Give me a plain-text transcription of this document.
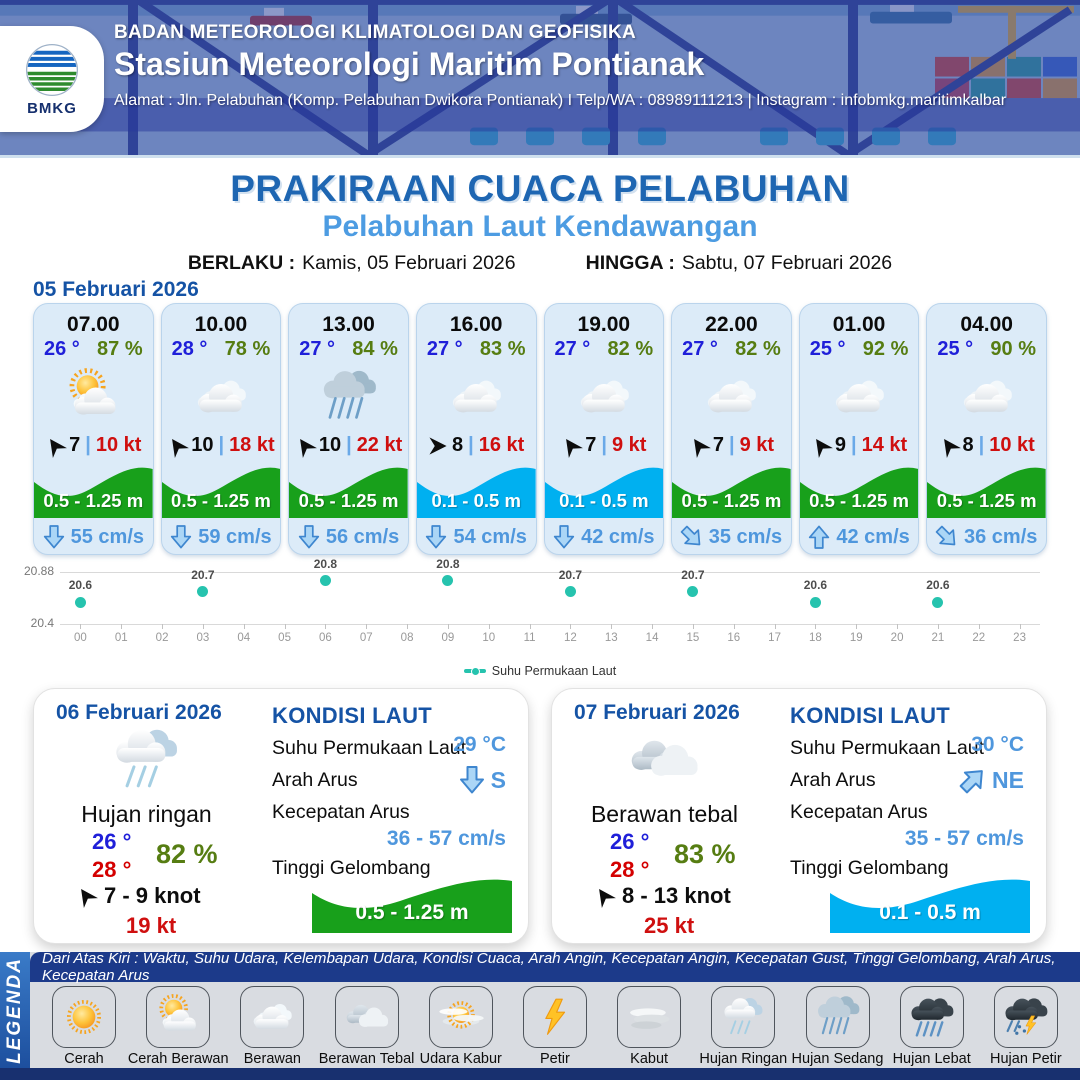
BMKG
BADAN METEOROLOGI KLIMATOLOGI DAN GEOFISIKA
Stasiun Meteorologi Maritim Pontianak
Alamat : Jln. Pelabuhan (Komp. Pelabuhan Dwikora Pontianak) I Telp/WA : 08989111213 | Instagram : infobmkg.maritimkalbar
PRAKIRAAN CUACA PELABUHAN
Pelabuhan Laut Kendawangan
BERLAKU : Kamis, 05 Februari 2026	HINGGA : Sabtu, 07 Februari 2026
05 Februari 2026
07.00
26 ° 87 %
7 | 10 kt
0.5 - 1.25 m
55 cm/s
10.00
28 ° 78 %
10 | 18 kt
0.5 - 1.25 m
59 cm/s
13.00
27 ° 84 %
10 | 22 kt
0.5 - 1.25 m
56 cm/s
16.00
27 ° 83 %
8 | 16 kt
0.1 - 0.5 m
54 cm/s
19.00
27 ° 82 %
7 | 9 kt
0.1 - 0.5 m
42 cm/s
22.00
27 ° 82 %
7 | 9 kt
0.5 - 1.25 m
35 cm/s
01.00
25 ° 92 %
9 | 14 kt
0.5 - 1.25 m
42 cm/s
04.00
25 ° 90 %
8 | 10 kt
0.5 - 1.25 m
36 cm/s
20.88
20.4
00	01	02	03	04	05	06	07	08	09	10	11	12	13	14	15	16	17	18	19	20	21	22	23
20.6
20.7
20.8	20.8
20.7	20.7
20.6	20.6
Suhu Permukaan Laut
06 Februari 2026
Hujan ringan
26 °
28 °
82 %
7 - 9 knot
19 kt
KONDISI LAUT
Suhu Permukaan Laut
29 °C
Arah Arus	S
Kecepatan Arus
36 - 57 cm/s
Tinggi Gelombang
0.5 - 1.25 m
07 Februari 2026
Berawan tebal
26 °
28 °
83 %
8 - 13 knot
25 kt
KONDISI LAUT
Suhu Permukaan Laut
30 °C
Arah Arus	NE
Kecepatan Arus
35 - 57 cm/s
Tinggi Gelombang
0.1 - 0.5 m
LEGENDA	Dari Atas Kiri : Waktu, Suhu Udara, Kelembapan Udara, Kondisi Cuaca, Arah Angin, Kecepatan Angin, Kecepatan Gust, Tinggi Gelombang, Arah Arus, Kecepatan Arus
Cerah Cerah Berawan Berawan Berawan Tebal Udara Kabur	Petir	Kabut Hujan Ringan Hujan Sedang Hujan Lebat Hujan Petir
